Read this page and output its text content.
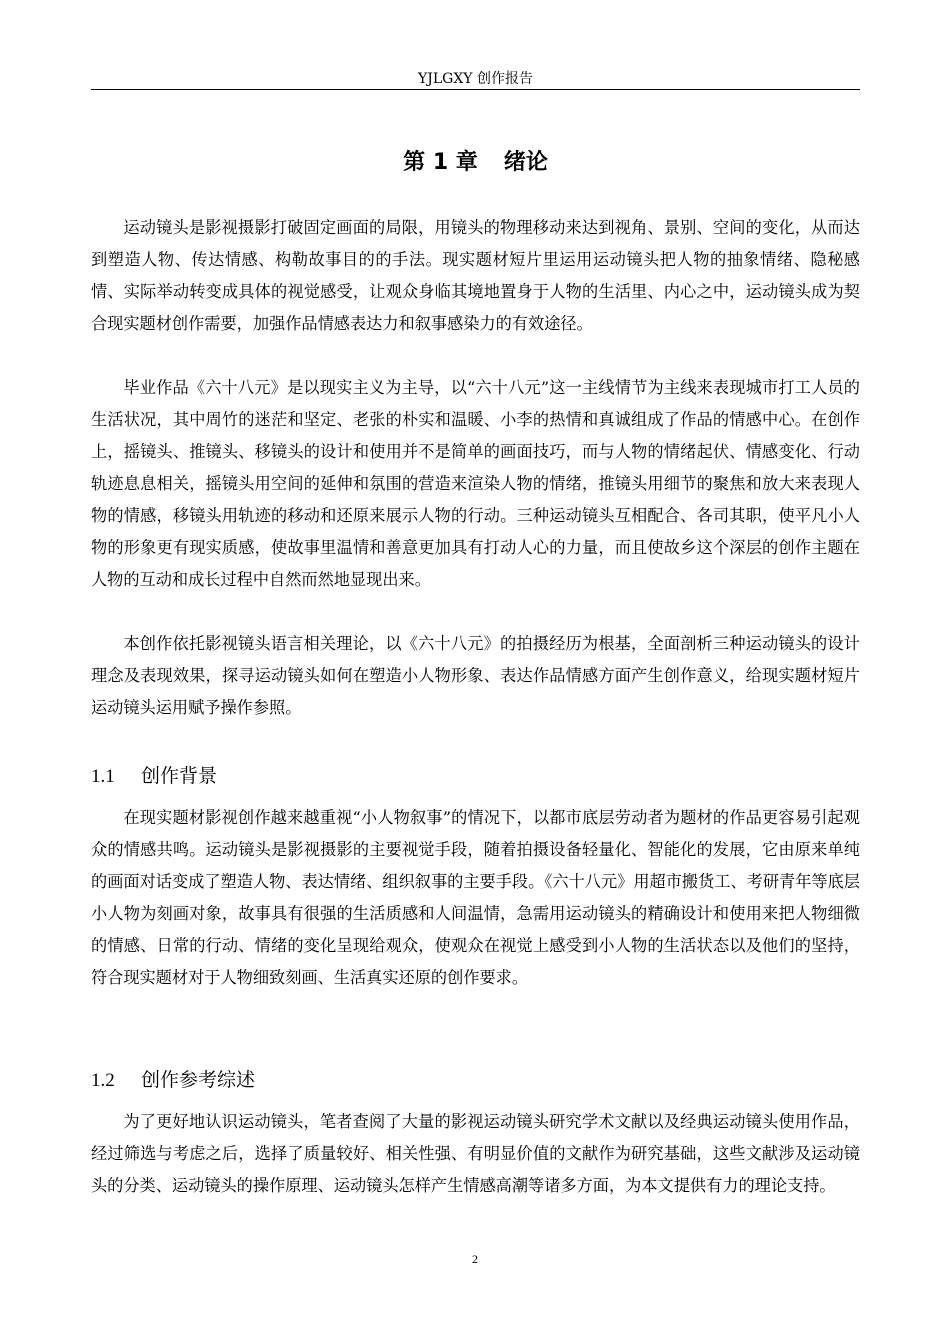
YJLGXY 创作报告
第 1 章 绪论

运动镜头是影视摄影打破固定画面的局限，用镜头的物理移动来达到视角、景别、空间的变化，从而达到塑造人物、传达情感、构勒故事目的的手法。现实题材短片里运用运动镜头把人物的抽象情绪、隐秘感情、实际举动转变成具体的视觉感受，让观众身临其境地置身于人物的生活里、内心之中，运动镜头成为契合现实题材创作需要，加强作品情感表达力和叙事感染力的有效途径。

毕业作品《六十八元》是以现实主义为主导，以“六十八元”这一主线情节为主线来表现城市打工人员的生活状况，其中周竹的迷茫和坚定、老张的朴实和温暖、小李的热情和真诚组成了作品的情感中心。在创作上，摇镜头、推镜头、移镜头的设计和使用并不是简单的画面技巧，而与人物的情绪起伏、情感变化、行动轨迹息息相关，摇镜头用空间的延伸和氛围的营造来渲染人物的情绪，推镜头用细节的聚焦和放大来表现人物的情感，移镜头用轨迹的移动和还原来展示人物的行动。三种运动镜头互相配合、各司其职，使平凡小人物的形象更有现实质感，使故事里温情和善意更加具有打动人心的力量，而且使故乡这个深层的创作主题在人物的互动和成长过程中自然而然地显现出来。

本创作依托影视镜头语言相关理论，以《六十八元》的拍摄经历为根基，全面剖析三种运动镜头的设计理念及表现效果，探寻运动镜头如何在塑造小人物形象、表达作品情感方面产生创作意义，给现实题材短片运动镜头运用赋予操作参照。

1.1 创作背景

在现实题材影视创作越来越重视“小人物叙事”的情况下，以都市底层劳动者为题材的作品更容易引起观众的情感共鸣。运动镜头是影视摄影的主要视觉手段，随着拍摄设备轻量化、智能化的发展，它由原来单纯的画面对话变成了塑造人物、表达情绪、组织叙事的主要手段。《六十八元》用超市搬货工、考研青年等底层小人物为刻画对象，故事具有很强的生活质感和人间温情，急需用运动镜头的精确设计和使用来把人物细微的情感、日常的行动、情绪的变化呈现给观众，使观众在视觉上感受到小人物的生活状态以及他们的坚持，符合现实题材对于人物细致刻画、生活真实还原的创作要求。

1.2 创作参考综述

为了更好地认识运动镜头，笔者查阅了大量的影视运动镜头研究学术文献以及经典运动镜头使用作品，经过筛选与考虑之后，选择了质量较好、相关性强、有明显价值的文献作为研究基础，这些文献涉及运动镜头的分类、运动镜头的操作原理、运动镜头怎样产生情感高潮等诸多方面，为本文提供有力的理论支持。

2
